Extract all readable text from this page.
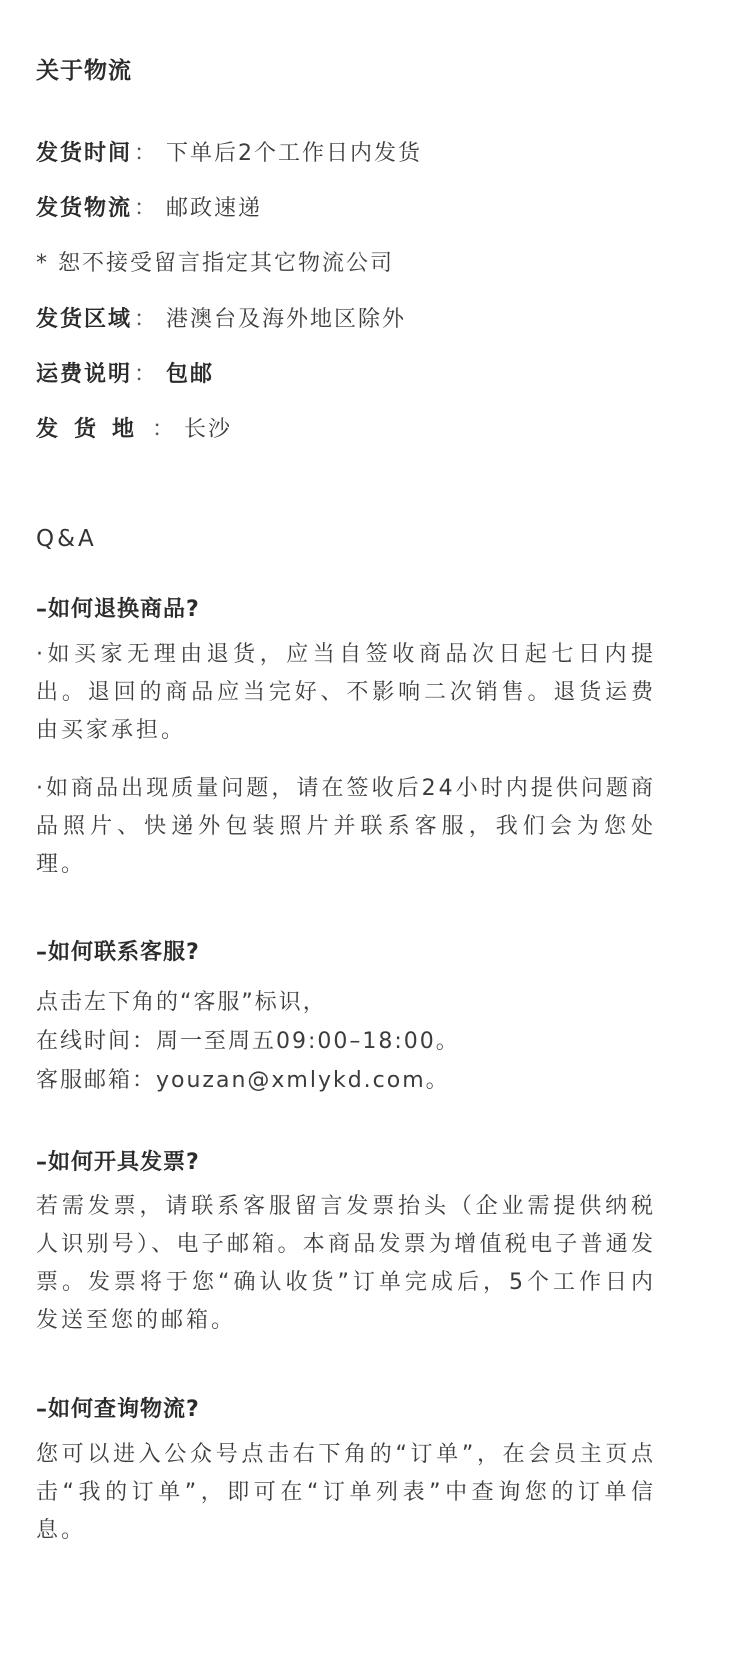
关于物流
发货时间： 下单后2个工作日内发货
发货物流： 邮政速递
* 恕不接受留言指定其它物流公司
发货区域： 港澳台及海外地区除外
运费说明： 包邮
发货地： 长沙
Q&A
–如何退换商品?
·如买家无理由退货，应当自签收商品次日起七日内提出。退回的商品应当完好、不影响二次销售。退货运费由买家承担。
·如商品出现质量问题，请在签收后24小时内提供问题商品照片、快递外包装照片并联系客服，我们会为您处理。
–如何联系客服?
点击左下角的“客服”标识，
在线时间：周一至周五09:00–18:00。
客服邮箱：youzan@xmlykd.com。
–如何开具发票?
若需发票，请联系客服留言发票抬头（企业需提供纳税人识别号）、电子邮箱。本商品发票为增值税电子普通发票。发票将于您“确认收货”订单完成后，5个工作日内发送至您的邮箱。
–如何查询物流?
您可以进入公众号点击右下角的“订单”，在会员主页点击“我的订单”，即可在“订单列表”中查询您的订单信息。
